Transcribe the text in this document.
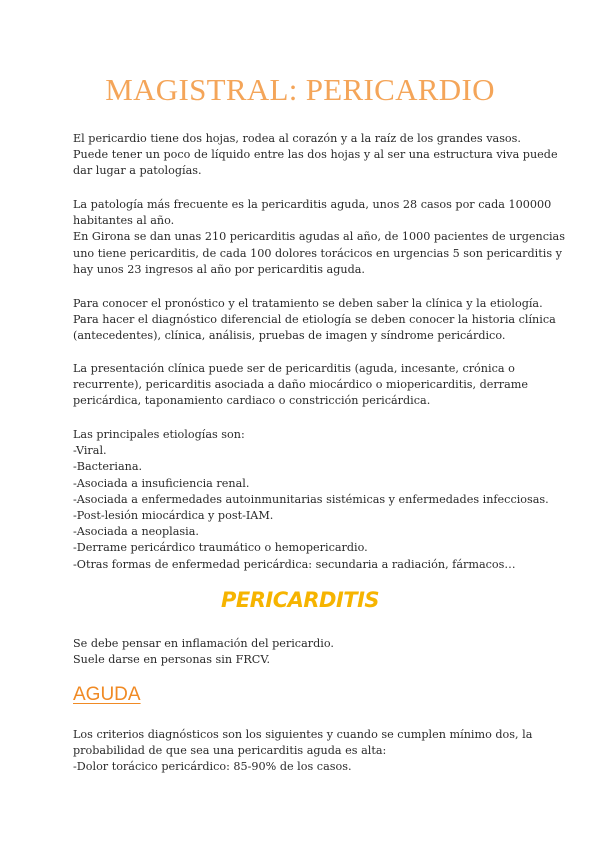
MAGISTRAL: PERICARDIO

El pericardio tiene dos hojas, rodea al corazón y a la raíz de los grandes vasos.
Puede tener un poco de líquido entre las dos hojas y al ser una estructura viva puede
dar lugar a patologías.

La patología más frecuente es la pericarditis aguda, unos 28 casos por cada 100000
habitantes al año.
En Girona se dan unas 210 pericarditis agudas al año, de 1000 pacientes de urgencias
uno tiene pericarditis, de cada 100 dolores torácicos en urgencias 5 son pericarditis y
hay unos 23 ingresos al año por pericarditis aguda.

Para conocer el pronóstico y el tratamiento se deben saber la clínica y la etiología.
Para hacer el diagnóstico diferencial de etiología se deben conocer la historia clínica
(antecedentes), clínica, análisis, pruebas de imagen y síndrome pericárdico.

La presentación clínica puede ser de pericarditis (aguda, incesante, crónica o
recurrente), pericarditis asociada a daño miocárdico o miopericarditis, derrame
pericárdica, taponamiento cardiaco o constricción pericárdica.

Las principales etiologías son:
-Viral.
-Bacteriana.
-Asociada a insuficiencia renal.
-Asociada a enfermedades autoinmunitarias sistémicas y enfermedades infecciosas.
-Post-lesión miocárdica y post-IAM.
-Asociada a neoplasia.
-Derrame pericárdico traumático o hemopericardio.
-Otras formas de enfermedad pericárdica: secundaria a radiación, fármacos…

PERICARDITIS

Se debe pensar en inflamación del pericardio.
Suele darse en personas sin FRCV.

AGUDA

Los criterios diagnósticos son los siguientes y cuando se cumplen mínimo dos, la
probabilidad de que sea una pericarditis aguda es alta:
-Dolor torácico pericárdico: 85-90% de los casos.
